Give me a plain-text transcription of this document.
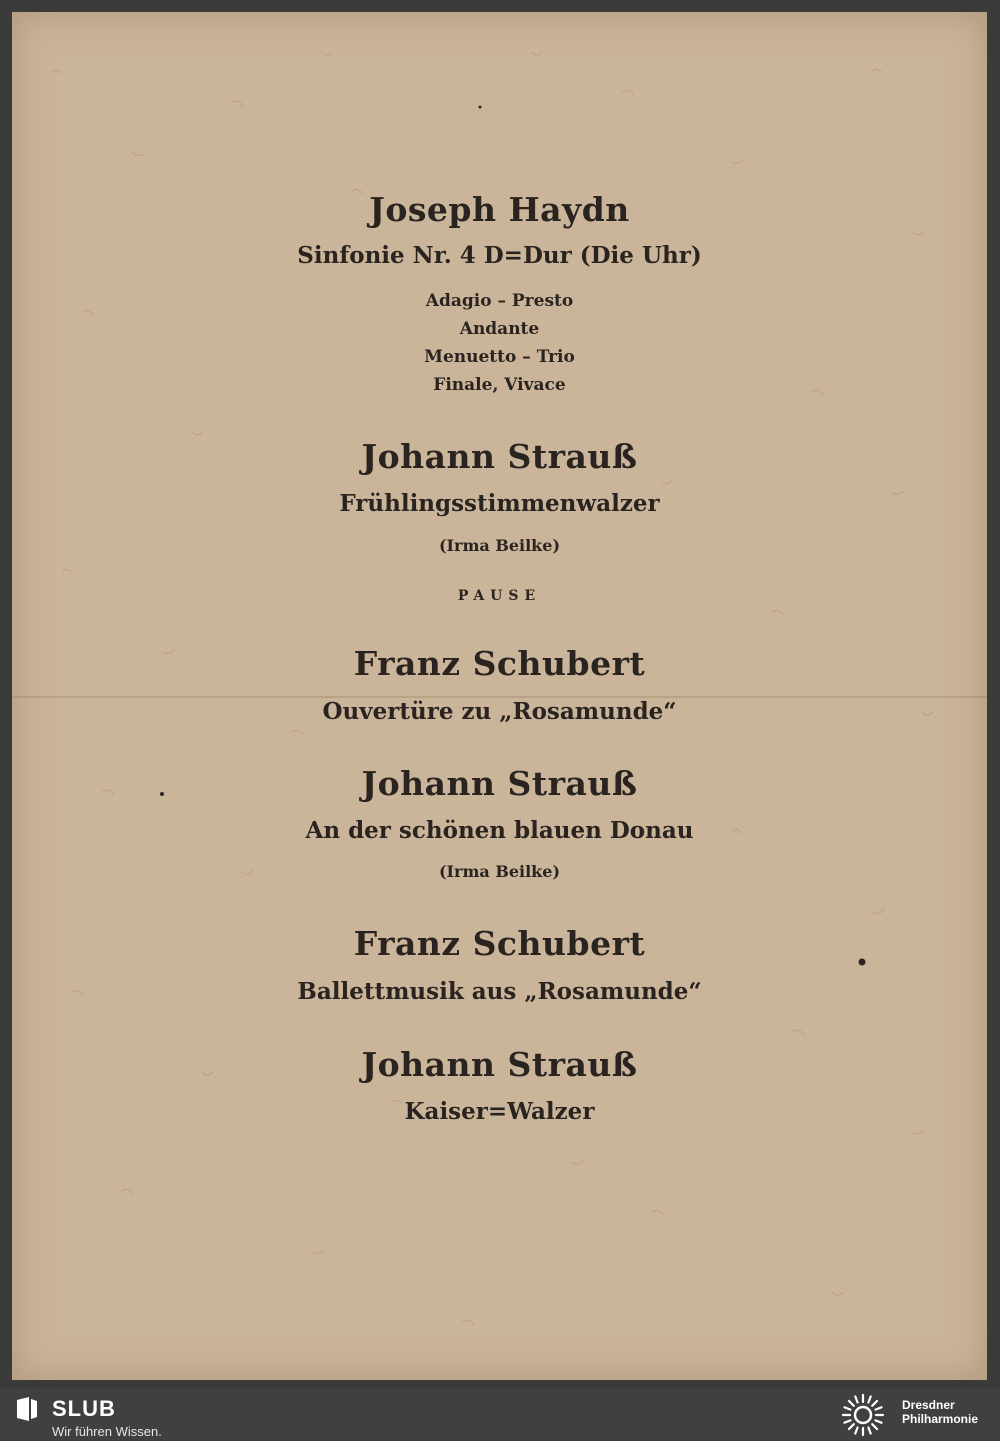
Joseph Haydn
Sinfonie Nr. 4 D=Dur (Die Uhr)
Adagio – Presto
Andante
Menuetto – Trio
Finale, Vivace
Johann Strauß
Frühlingsstimmenwalzer
(Irma Beilke)
PAUSE
Franz Schubert
Ouvertüre zu „Rosamunde“
Johann Strauß
An der schönen blauen Donau
(Irma Beilke)
Franz Schubert
Ballettmusik aus „Rosamunde“
Johann Strauß
Kaiser=Walzer
SLUB
Wir führen Wissen.
Dresdner
Philharmonie
